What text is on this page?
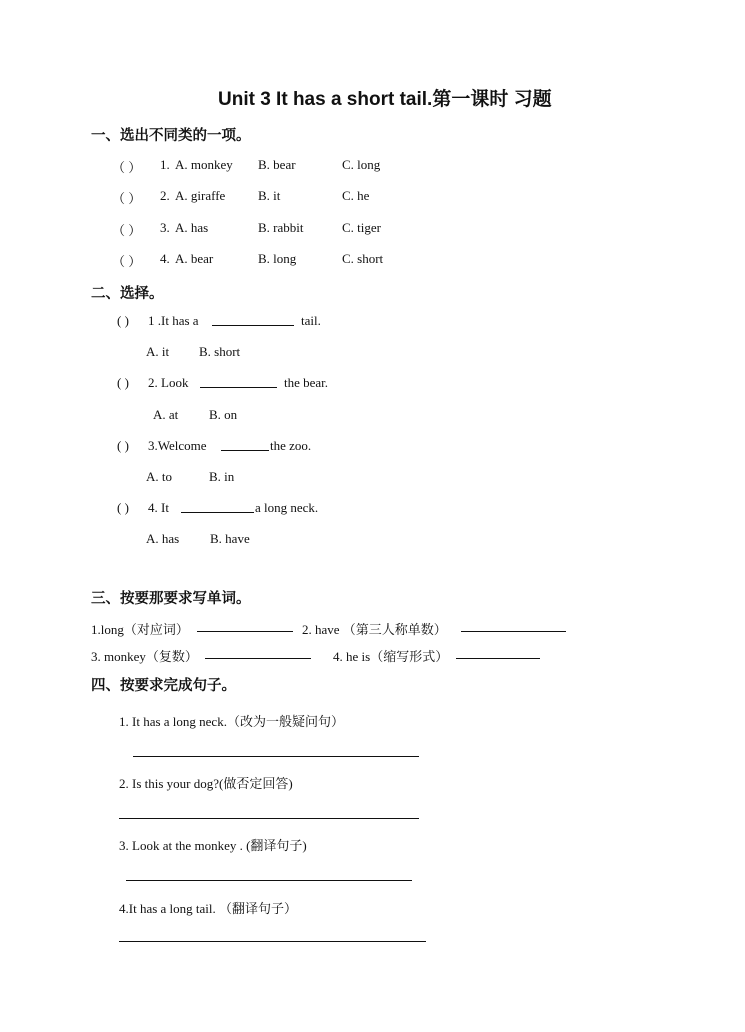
Unit 3 It has a short tail.第一课时 习题
一、选出不同类的一项。
（ ） 1. A. monkey B. bear	C. long
（ ） 2. A. giraffe	B. it	C. he
（ ） 3. A. has	B. rabbit	C. tiger
（ ） 4. A. bear	B. long	C. short
二、选择。
( ) 1 .It has a	tail.
A. it B. short
( ) 2. Look	the bear.
A. at B. on
( ) 3.Welcome	the zoo.
A. to	B. in
( ) 4. It	a long neck.
A. has B. have
三、按要那要求写单词。
1.long（对应词）	2. have （第三人称单数）
3. monkey（复数）	4. he is（缩写形式）
四、按要求完成句子。
1. It has a long neck.（改为一般疑问句）
2. Is this your dog?(做否定回答)
3. Look at the monkey . (翻译句子)
4.It has a long tail. （翻译句子）
